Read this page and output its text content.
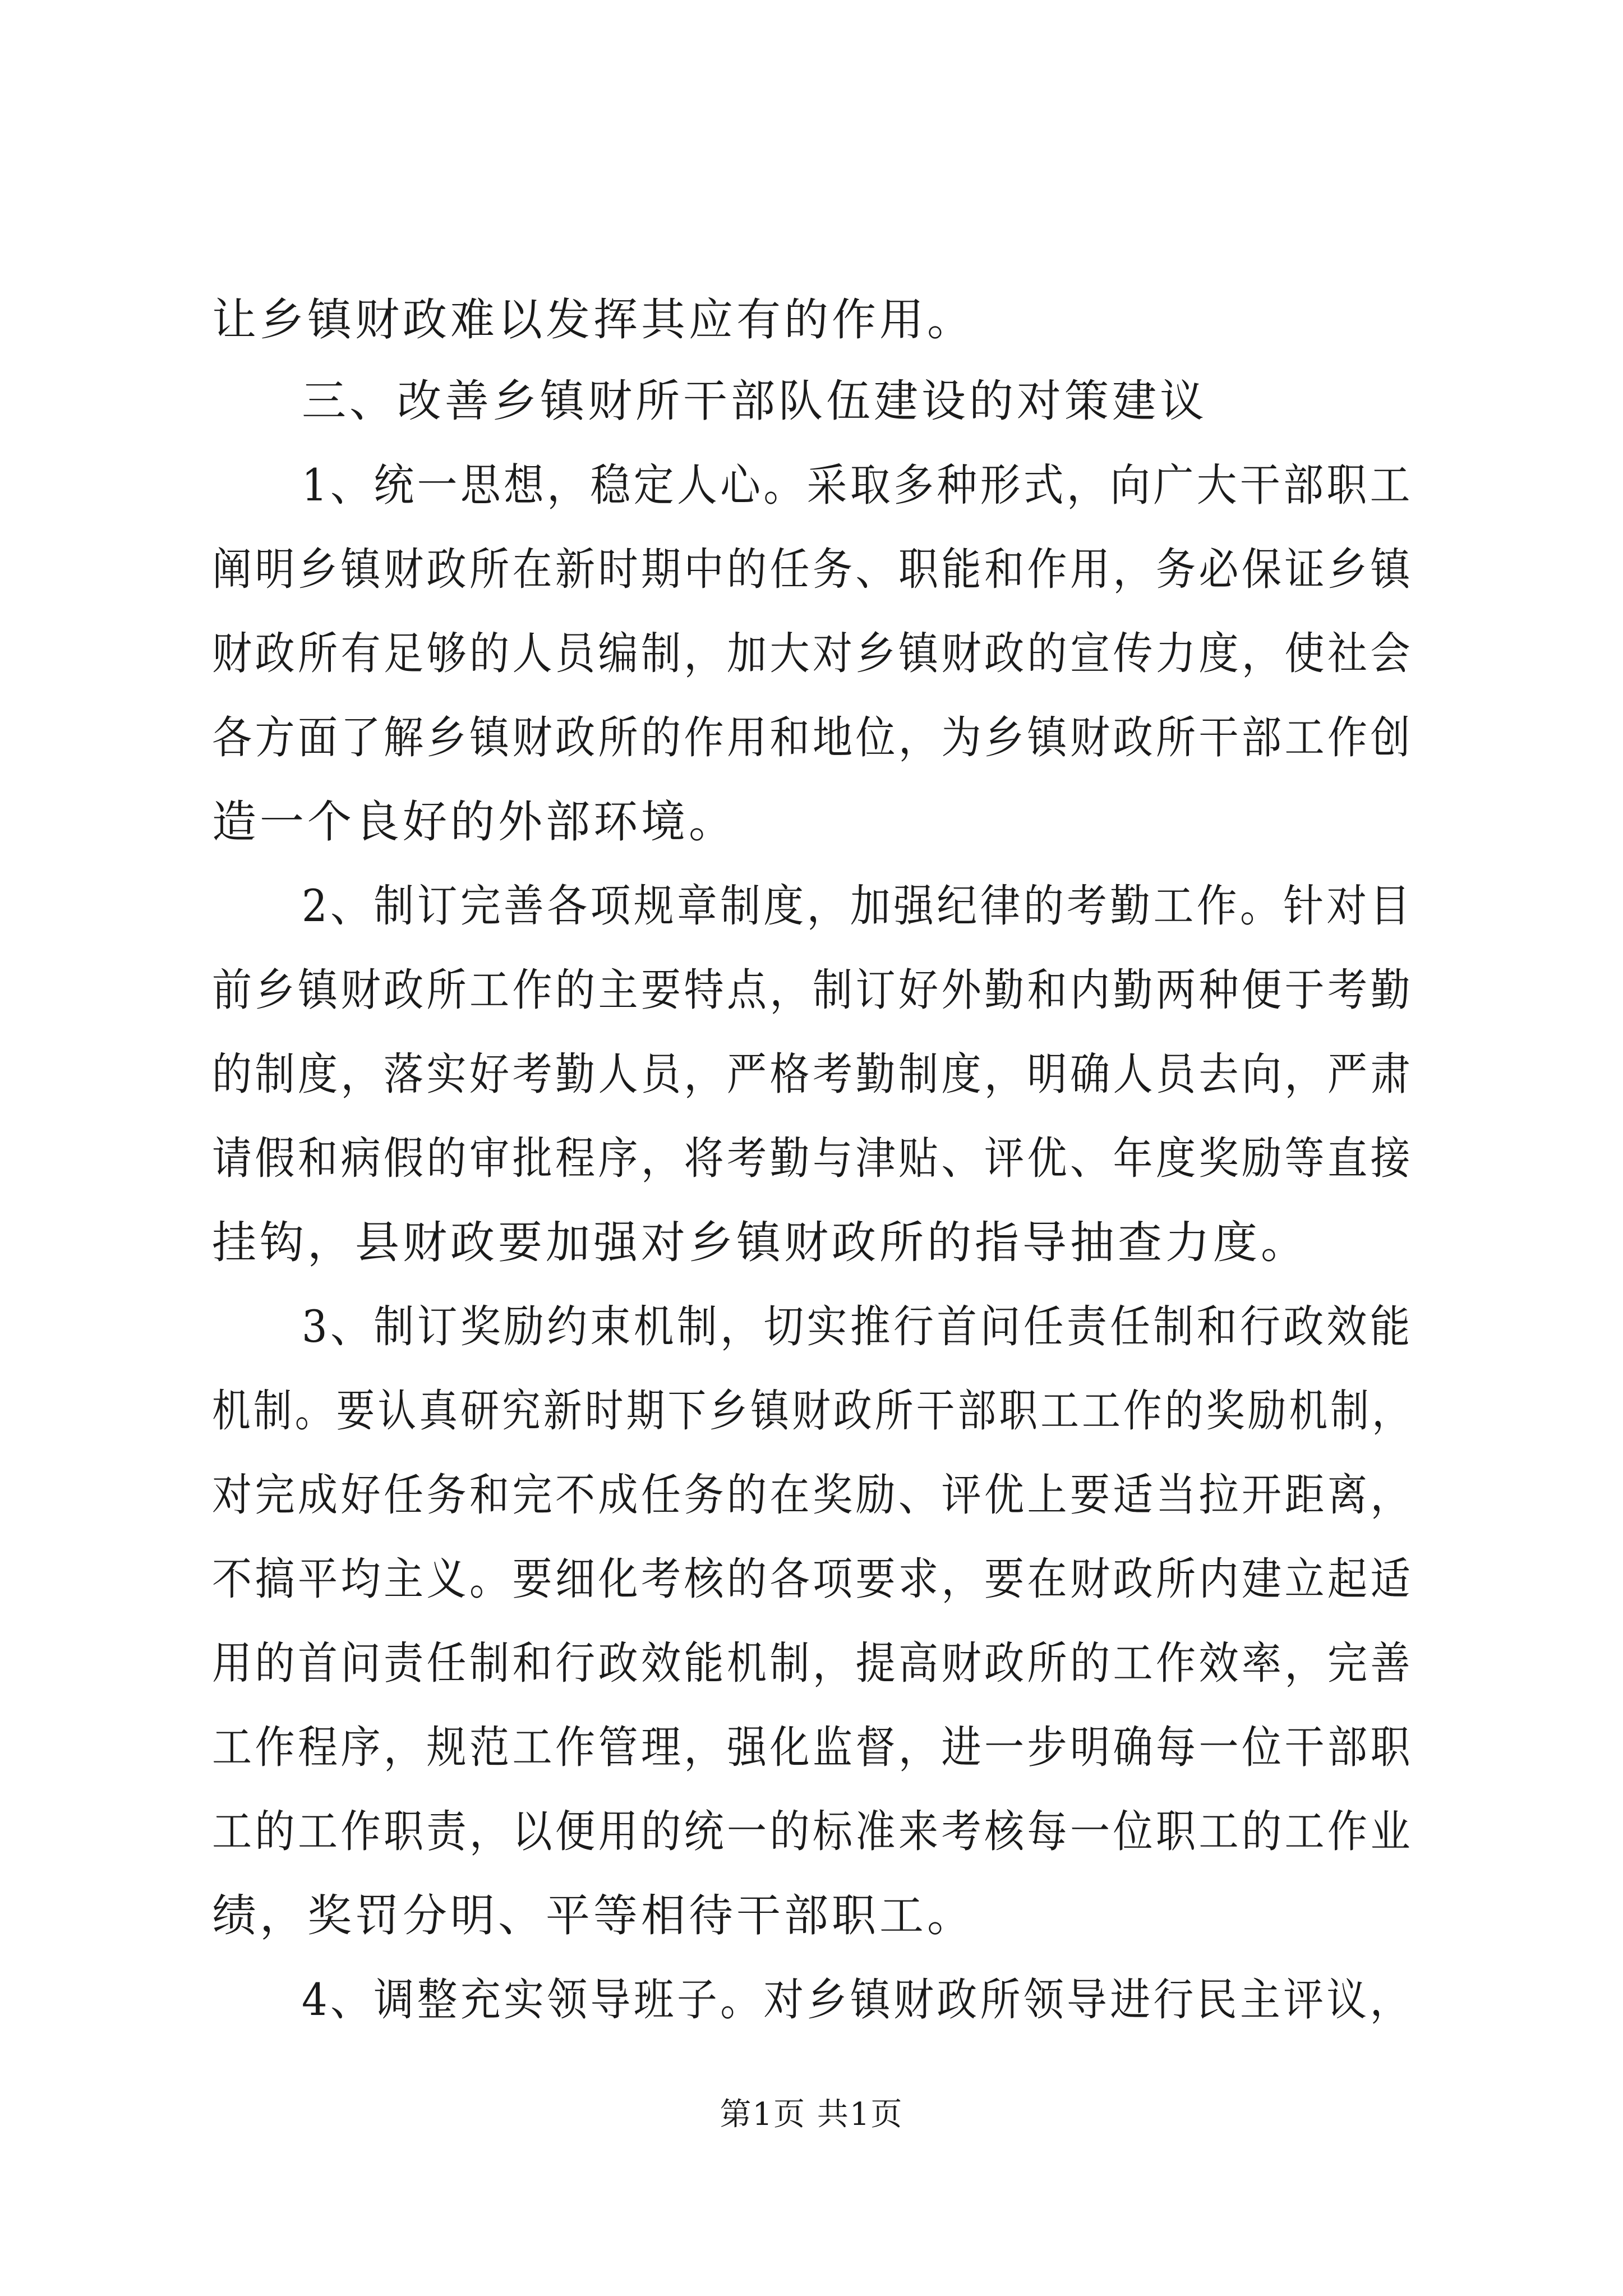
让乡镇财政难以发挥其应有的作用。
三、改善乡镇财所干部队伍建设的对策建议
1、统一思想，稳定人心。采取多种形式，向广大干部职工
阐明乡镇财政所在新时期中的任务、职能和作用，务必保证乡镇
财政所有足够的人员编制，加大对乡镇财政的宣传力度，使社会
各方面了解乡镇财政所的作用和地位，为乡镇财政所干部工作创
造一个良好的外部环境。
2、制订完善各项规章制度，加强纪律的考勤工作。针对目
前乡镇财政所工作的主要特点，制订好外勤和内勤两种便于考勤
的制度，落实好考勤人员，严格考勤制度，明确人员去向，严肃
请假和病假的审批程序，将考勤与津贴、评优、年度奖励等直接
挂钩，县财政要加强对乡镇财政所的指导抽查力度。
3、制订奖励约束机制，切实推行首问任责任制和行政效能
机制。要认真研究新时期下乡镇财政所干部职工工作的奖励机制，
对完成好任务和完不成任务的在奖励、评优上要适当拉开距离，
不搞平均主义。要细化考核的各项要求，要在财政所内建立起适
用的首问责任制和行政效能机制，提高财政所的工作效率，完善
工作程序，规范工作管理，强化监督，进一步明确每一位干部职
工的工作职责，以便用的统一的标准来考核每一位职工的工作业
绩，奖罚分明、平等相待干部职工。
4、调整充实领导班子。对乡镇财政所领导进行民主评议，
第1页 共1页
